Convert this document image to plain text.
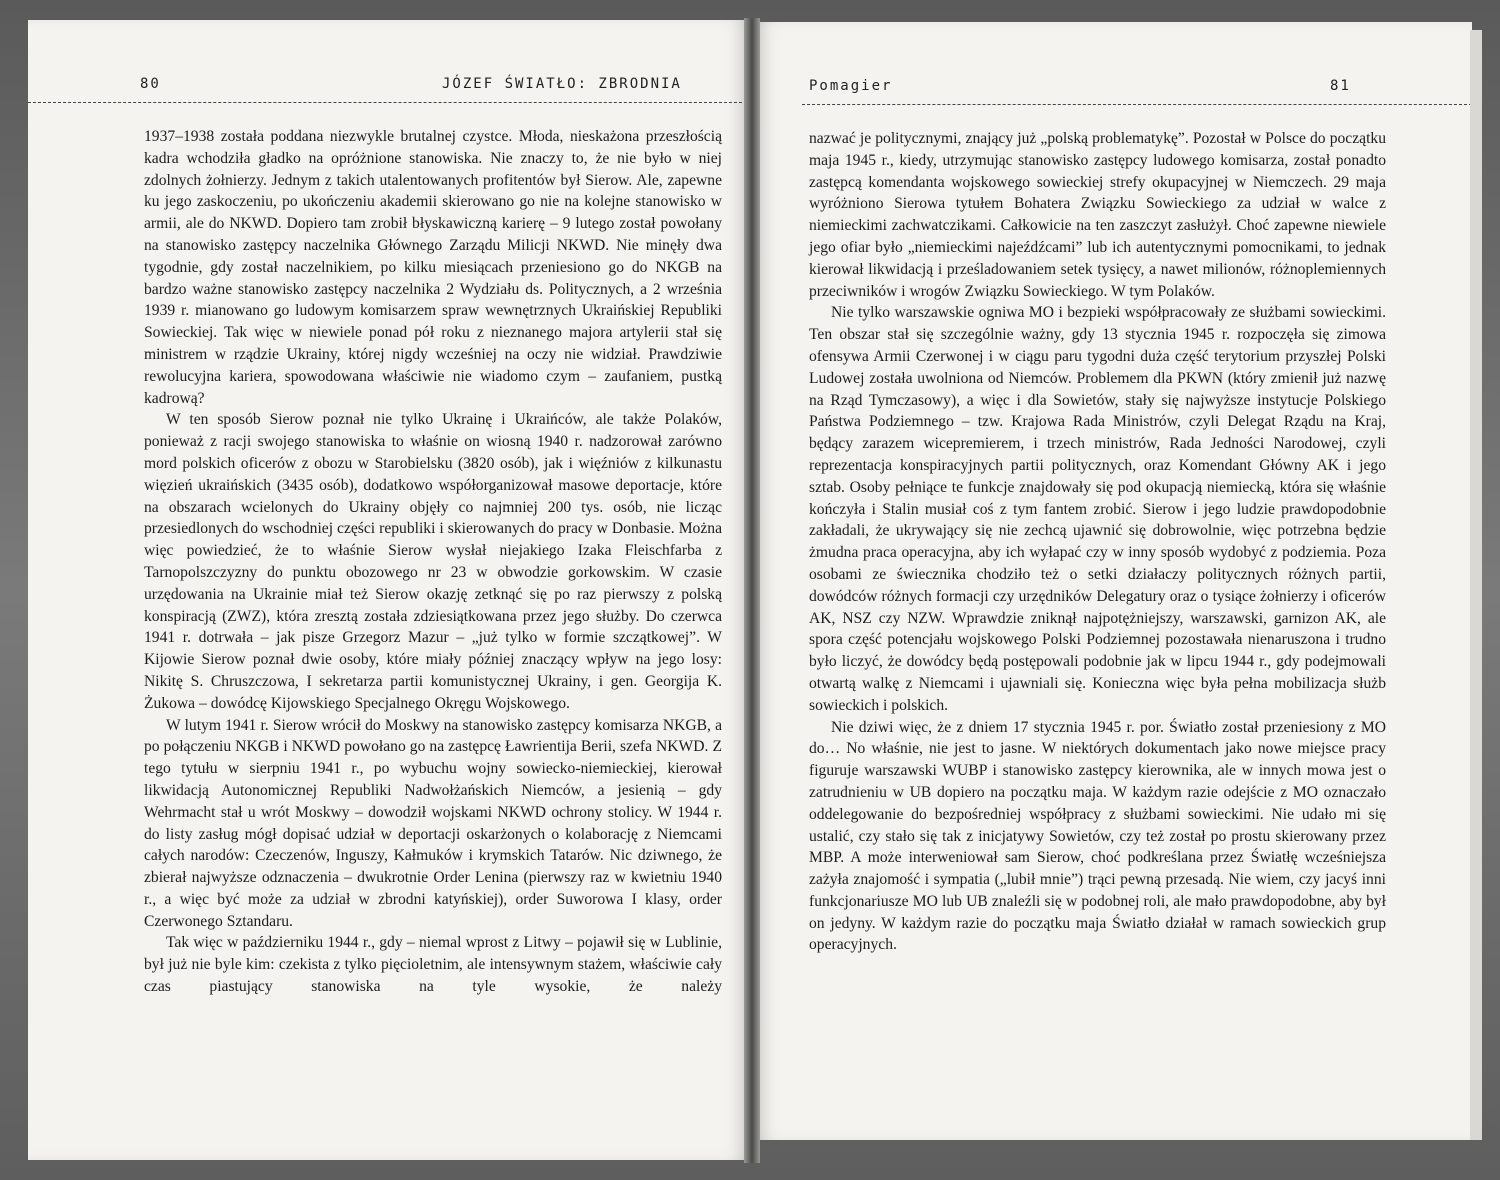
80	JÓZEF ŚWIATŁO: ZBRODNIA

1937–1938 została poddana niezwykle brutalnej czystce. Młoda, nieskażona przeszłością kadra wchodziła gładko na opróżnione stanowiska. Nie znaczy to, że nie było w niej zdolnych żołnierzy. Jednym z takich utalentowanych profitentów był Sierow. Ale, zapewne ku jego zaskoczeniu, po ukończeniu akademii skierowano go nie na kolejne stanowisko w armii, ale do NKWD. Dopiero tam zrobił błyskawiczną karierę – 9 lutego został powołany na stanowisko zastępcy naczelnika Głównego Zarządu Milicji NKWD. Nie minęły dwa tygodnie, gdy został naczelnikiem, po kilku miesiącach przeniesiono go do NKGB na bardzo ważne stanowisko zastępcy naczelnika 2 Wydziału ds. Politycznych, a 2 września 1939 r. mianowano go ludowym komisarzem spraw wewnętrznych Ukraińskiej Republiki Sowieckiej. Tak więc w niewiele ponad pół roku z nieznanego majora artylerii stał się ministrem w rządzie Ukrainy, której nigdy wcześniej na oczy nie widział. Prawdziwie rewolucyjna kariera, spowodowana właściwie nie wiadomo czym – zaufaniem, pustką kadrową?

W ten sposób Sierow poznał nie tylko Ukrainę i Ukraińców, ale także Polaków, ponieważ z racji swojego stanowiska to właśnie on wiosną 1940 r. nadzorował zarówno mord polskich oficerów z obozu w Starobielsku (3820 osób), jak i więźniów z kilkunastu więzień ukraińskich (3435 osób), dodatkowo współorganizował masowe deportacje, które na obszarach wcielonych do Ukrainy objęły co najmniej 200 tys. osób, nie licząc przesiedlonych do wschodniej części republiki i skierowanych do pracy w Donbasie. Można więc powiedzieć, że to właśnie Sierow wysłał niejakiego Izaka Fleischfarba z Tarnopolszczyzny do punktu obozowego nr 23 w obwodzie gorkowskim. W czasie urzędowania na Ukrainie miał też Sierow okazję zetknąć się po raz pierwszy z polską konspiracją (ZWZ), która zresztą została zdziesiątkowana przez jego służby. Do czerwca 1941 r. dotrwała – jak pisze Grzegorz Mazur – „już tylko w formie szczątkowej”. W Kijowie Sierow poznał dwie osoby, które miały później znaczący wpływ na jego losy: Nikitę S. Chruszczowa, I sekretarza partii komunistycznej Ukrainy, i gen. Georgija K. Żukowa – dowódcę Kijowskiego Specjalnego Okręgu Wojskowego.

W lutym 1941 r. Sierow wrócił do Moskwy na stanowisko zastępcy komisarza NKGB, a po połączeniu NKGB i NKWD powołano go na zastępcę Ławrientija Berii, szefa NKWD. Z tego tytułu w sierpniu 1941 r., po wybuchu wojny sowiecko-niemieckiej, kierował likwidacją Autonomicznej Republiki Nadwołżańskich Niemców, a jesienią – gdy Wehrmacht stał u wrót Moskwy – dowodził wojskami NKWD ochrony stolicy. W 1944 r. do listy zasług mógł dopisać udział w deportacji oskarżonych o kolaborację z Niemcami całych narodów: Czeczenów, Inguszy, Kałmuków i krymskich Tatarów. Nic dziwnego, że zbierał najwyższe odznaczenia – dwukrotnie Order Lenina (pierwszy raz w kwietniu 1940 r., a więc być może za udział w zbrodni katyńskiej), order Suworowa I klasy, order Czerwonego Sztandaru.

Tak więc w październiku 1944 r., gdy – niemal wprost z Litwy – pojawił się w Lublinie, był już nie byle kim: czekista z tylko pięcioletnim, ale intensywnym stażem, właściwie cały czas piastujący stanowiska na tyle wysokie, że należy

Pomagier	81

nazwać je politycznymi, znający już „polską problematykę”. Pozostał w Polsce do początku maja 1945 r., kiedy, utrzymując stanowisko zastępcy ludowego komisarza, został ponadto zastępcą komendanta wojskowego sowieckiej strefy okupacyjnej w Niemczech. 29 maja wyróżniono Sierowa tytułem Bohatera Związku Sowieckiego za udział w walce z niemieckimi zachwatczikami. Całkowicie na ten zaszczyt zasłużył. Choć zapewne niewiele jego ofiar było „niemieckimi najeźdźcami” lub ich autentycznymi pomocnikami, to jednak kierował likwidacją i prześladowaniem setek tysięcy, a nawet milionów, różnoplemiennych przeciwników i wrogów Związku Sowieckiego. W tym Polaków.

Nie tylko warszawskie ogniwa MO i bezpieki współpracowały ze służbami sowieckimi. Ten obszar stał się szczególnie ważny, gdy 13 stycznia 1945 r. rozpoczęła się zimowa ofensywa Armii Czerwonej i w ciągu paru tygodni duża część terytorium przyszłej Polski Ludowej została uwolniona od Niemców. Problemem dla PKWN (który zmienił już nazwę na Rząd Tymczasowy), a więc i dla Sowietów, stały się najwyższe instytucje Polskiego Państwa Podziemnego – tzw. Krajowa Rada Ministrów, czyli Delegat Rządu na Kraj, będący zarazem wicepremierem, i trzech ministrów, Rada Jedności Narodowej, czyli reprezentacja konspiracyjnych partii politycznych, oraz Komendant Główny AK i jego sztab. Osoby pełniące te funkcje znajdowały się pod okupacją niemiecką, która się właśnie kończyła i Stalin musiał coś z tym fantem zrobić. Sierow i jego ludzie prawdopodobnie zakładali, że ukrywający się nie zechcą ujawnić się dobrowolnie, więc potrzebna będzie żmudna praca operacyjna, aby ich wyłapać czy w inny sposób wydobyć z podziemia. Poza osobami ze świecznika chodziło też o setki działaczy politycznych różnych partii, dowódców różnych formacji czy urzędników Delegatury oraz o tysiące żołnierzy i oficerów AK, NSZ czy NZW. Wprawdzie zniknął najpotężniejszy, warszawski, garnizon AK, ale spora część potencjału wojskowego Polski Podziemnej pozostawała nienaruszona i trudno było liczyć, że dowódcy będą postępowali podobnie jak w lipcu 1944 r., gdy podejmowali otwartą walkę z Niemcami i ujawniali się. Konieczna więc była pełna mobilizacja służb sowieckich i polskich.

Nie dziwi więc, że z dniem 17 stycznia 1945 r. por. Światło został przeniesiony z MO do… No właśnie, nie jest to jasne. W niektórych dokumentach jako nowe miejsce pracy figuruje warszawski WUBP i stanowisko zastępcy kierownika, ale w innych mowa jest o zatrudnieniu w UB dopiero na początku maja. W każdym razie odejście z MO oznaczało oddelegowanie do bezpośredniej współpracy z służbami sowieckimi. Nie udało mi się ustalić, czy stało się tak z inicjatywy Sowietów, czy też został po prostu skierowany przez MBP. A może interweniował sam Sierow, choć podkreślana przez Światłę wcześniejsza zażyła znajomość i sympatia („lubił mnie”) trąci pewną przesadą. Nie wiem, czy jacyś inni funkcjonariusze MO lub UB znaleźli się w podobnej roli, ale mało prawdopodobne, aby był on jedyny. W każdym razie do początku maja Światło działał w ramach sowieckich grup operacyjnych.
